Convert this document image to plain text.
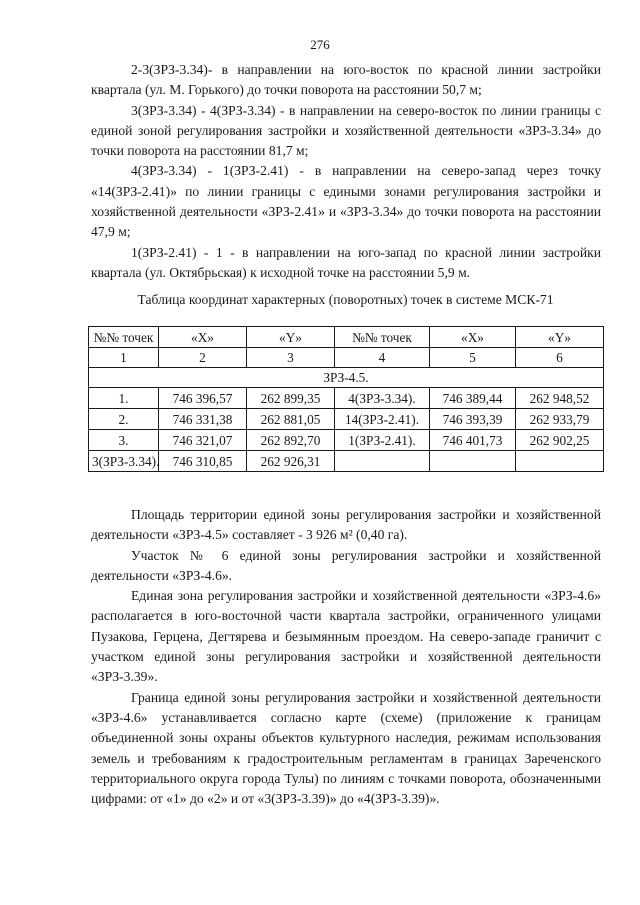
276

2-3(ЗРЗ-3.34)- в направлении на юго-восток по красной линии застройки квартала (ул. М. Горького) до точки поворота на расстоянии 50,7 м;

3(ЗРЗ-3.34) - 4(ЗРЗ-3.34) - в направлении на северо-восток по линии границы с единой зоной регулирования застройки и хозяйственной деятельности «ЗРЗ-3.34» до точки поворота на расстоянии 81,7 м;

4(ЗРЗ-3.34) - 1(ЗРЗ-2.41) - в направлении на северо-запад через точку «14(ЗРЗ-2.41)» по линии границы с едиными зонами регулирования застройки и хозяйственной деятельности «ЗРЗ-2.41» и «ЗРЗ-3.34» до точки поворота на расстоянии 47,9 м;

1(ЗРЗ-2.41) - 1 - в направлении на юго-запад по красной линии застройки квартала (ул. Октябрьская) к исходной точке на расстоянии 5,9 м.

Таблица координат характерных (поворотных) точек в системе МСК-71
№№ точек	«X»	«Y»	№№ точек	«X»	«Y»
1	2	3	4	5	6
ЗРЗ-4.5.					
1.	746 396,57	262 899,35	4(ЗРЗ-3.34).	746 389,44	262 948,52
2.	746 331,38	262 881,05	14(ЗРЗ-2.41).	746 393,39	262 933,79
3.	746 321,07	262 892,70	1(ЗРЗ-2.41).	746 401,73	262 902,25
3(ЗРЗ-3.34).	746 310,85	262 926,31			

Площадь территории единой зоны регулирования застройки и хозяйственной деятельности «ЗРЗ-4.5» составляет - 3 926 м² (0,40 га).

Участок № 6 единой зоны регулирования застройки и хозяйственной деятельности «ЗРЗ-4.6».

Единая зона регулирования застройки и хозяйственной деятельности «ЗРЗ-4.6» располагается в юго-восточной части квартала застройки, ограниченного улицами Пузакова, Герцена, Дегтярева и безымянным проездом. На северо-западе граничит с участком единой зоны регулирования застройки и хозяйственной деятельности «ЗРЗ-3.39».

Граница единой зоны регулирования застройки и хозяйственной деятельности «ЗРЗ-4.6» устанавливается согласно карте (схеме) (приложение к границам объединенной зоны охраны объектов культурного наследия, режимам использования земель и требованиям к градостроительным регламентам в границах Зареченского территориального округа города Тулы) по линиям с точками поворота, обозначенными цифрами: от «1» до «2» и от «3(ЗРЗ-3.39)» до «4(ЗРЗ-3.39)».
